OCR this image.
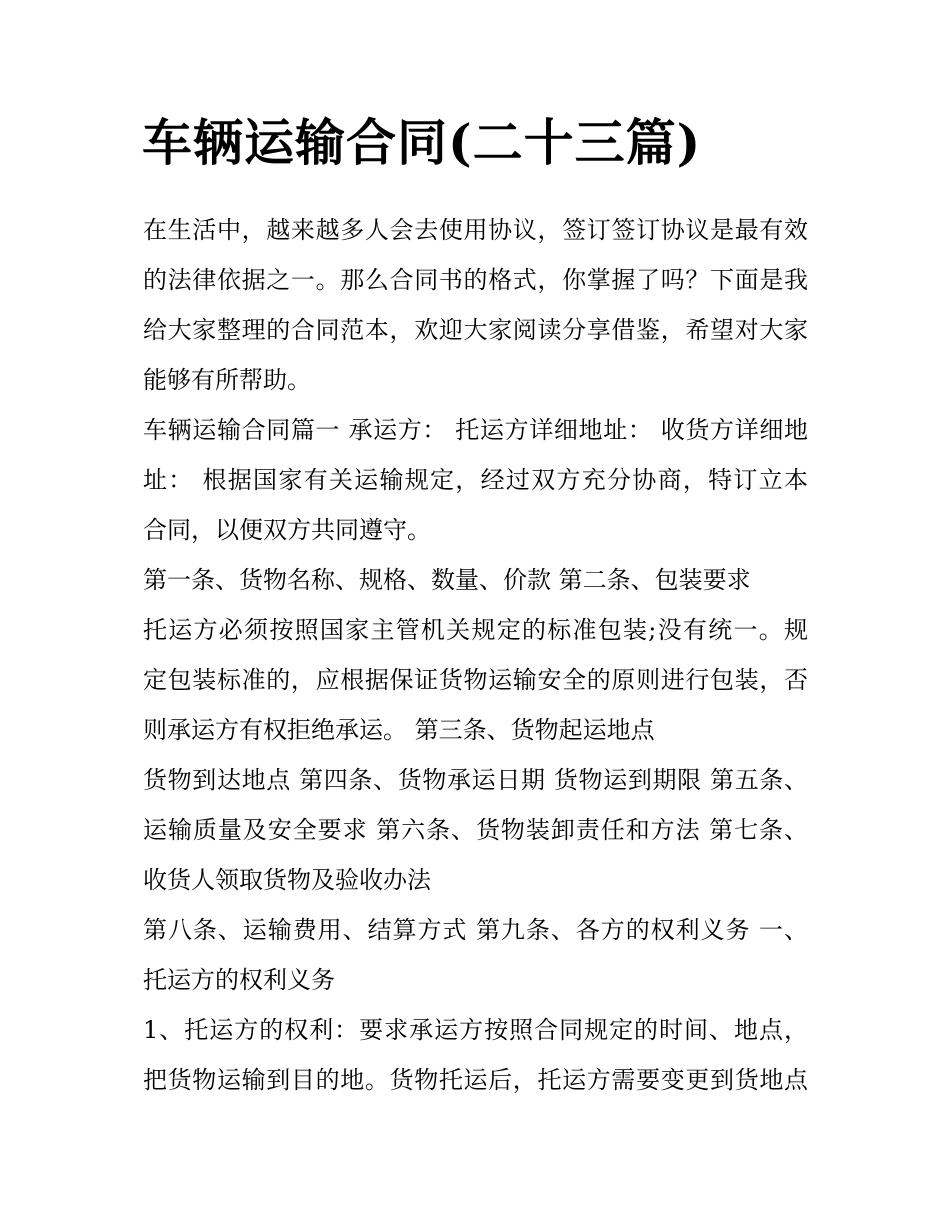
车辆运输合同(二十三篇)
在生活中，越来越多人会去使用协议，签订签订协议是最有效
的法律依据之一。那么合同书的格式，你掌握了吗？下面是我
给大家整理的合同范本，欢迎大家阅读分享借鉴，希望对大家
能够有所帮助。
车辆运输合同篇一 承运方： 托运方详细地址： 收货方详细地
址： 根据国家有关运输规定，经过双方充分协商，特订立本
合同，以便双方共同遵守。
第一条、货物名称、规格、数量、价款 第二条、包装要求
托运方必须按照国家主管机关规定的标准包装;没有统一。规
定包装标准的，应根据保证货物运输安全的原则进行包装，否
则承运方有权拒绝承运。 第三条、货物起运地点
货物到达地点 第四条、货物承运日期 货物运到期限 第五条、
运输质量及安全要求 第六条、货物装卸责任和方法 第七条、
收货人领取货物及验收办法
第八条、运输费用、结算方式 第九条、各方的权利义务 一、
托运方的权利义务
1、托运方的权利：要求承运方按照合同规定的时间、地点，
把货物运输到目的地。货物托运后，托运方需要变更到货地点
